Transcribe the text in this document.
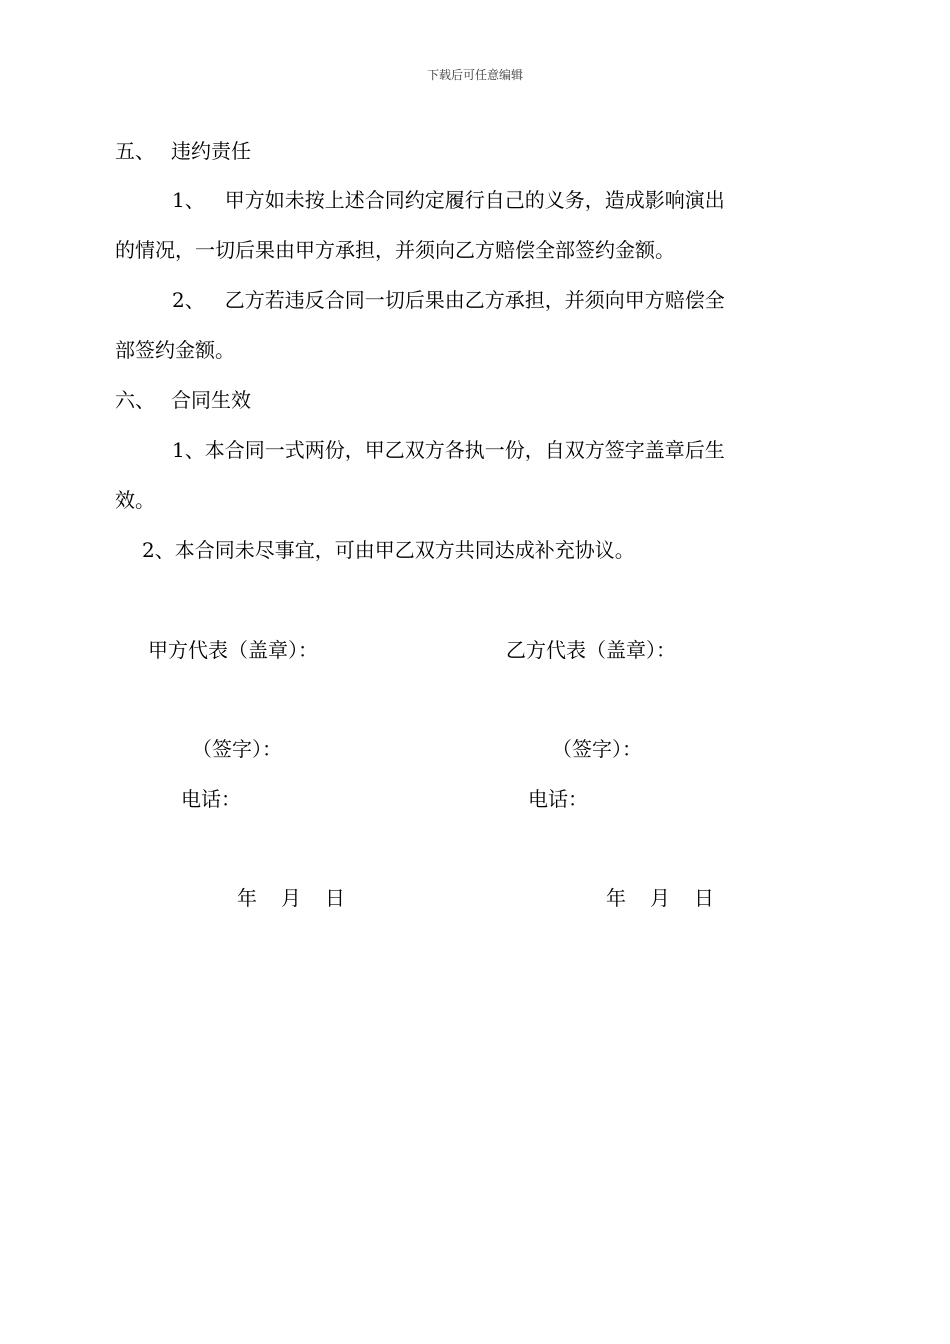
下载后可任意编辑
五、 违约责任
1、 甲方如未按上述合同约定履行自己的义务，造成影响演出
的情况，一切后果由甲方承担，并须向乙方赔偿全部签约金额。
2、 乙方若违反合同一切后果由乙方承担，并须向甲方赔偿全
部签约金额。
六、 合同生效
1、本合同一式两份，甲乙双方各执一份，自双方签字盖章后生
效。
2、本合同未尽事宜，可由甲乙双方共同达成补充协议。
甲方代表（盖章）：
（签字）：
电话：
年 月 日
乙方代表（盖章）：
（签字）：
电话：
年 月 日
